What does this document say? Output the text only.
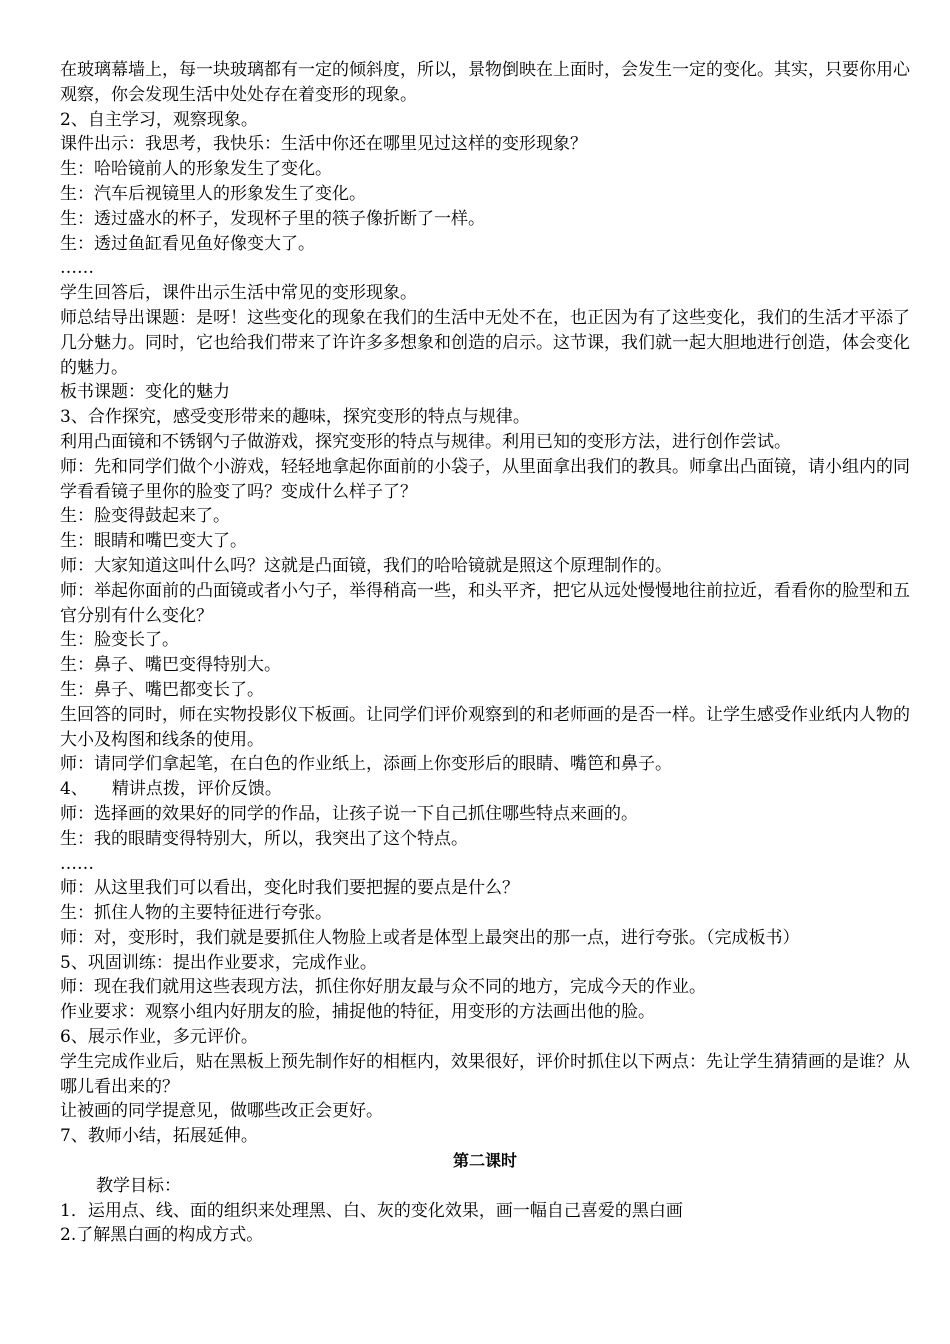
在玻璃幕墙上，每一块玻璃都有一定的倾斜度，所以，景物倒映在上面时，会发生一定的变化。其实，只要你用心观察，你会发现生活中处处存在着变形的现象。

2、自主学习，观察现象。

课件出示：我思考，我快乐：生活中你还在哪里见过这样的变形现象？

生：哈哈镜前人的形象发生了变化。

生：汽车后视镜里人的形象发生了变化。

生：透过盛水的杯子，发现杯子里的筷子像折断了一样。

生：透过鱼缸看见鱼好像变大了。

……

学生回答后，课件出示生活中常见的变形现象。

师总结导出课题：是呀！这些变化的现象在我们的生活中无处不在，也正因为有了这些变化，我们的生活才平添了几分魅力。同时，它也给我们带来了许许多多想象和创造的启示。这节课，我们就一起大胆地进行创造，体会变化的魅力。

板书课题：变化的魅力

3、合作探究，感受变形带来的趣味，探究变形的特点与规律。

利用凸面镜和不锈钢勺子做游戏，探究变形的特点与规律。利用已知的变形方法，进行创作尝试。

师：先和同学们做个小游戏，轻轻地拿起你面前的小袋子，从里面拿出我们的教具。师拿出凸面镜，请小组内的同学看看镜子里你的脸变了吗？变成什么样子了？

生：脸变得鼓起来了。

生：眼睛和嘴巴变大了。

师：大家知道这叫什么吗？这就是凸面镜，我们的哈哈镜就是照这个原理制作的。

师：举起你面前的凸面镜或者小勺子，举得稍高一些，和头平齐，把它从远处慢慢地往前拉近，看看你的脸型和五官分别有什么变化？

生：脸变长了。

生：鼻子、嘴巴变得特别大。

生：鼻子、嘴巴都变长了。

生回答的同时，师在实物投影仪下板画。让同学们评价观察到的和老师画的是否一样。让学生感受作业纸内人物的大小及构图和线条的使用。

师：请同学们拿起笔，在白色的作业纸上，添画上你变形后的眼睛、嘴笆和鼻子。

4、 精讲点拨，评价反馈。

师：选择画的效果好的同学的作品，让孩子说一下自己抓住哪些特点来画的。

生：我的眼睛变得特别大，所以，我突出了这个特点。

……

师：从这里我们可以看出，变化时我们要把握的要点是什么？

生：抓住人物的主要特征进行夸张。

师：对，变形时，我们就是要抓住人物脸上或者是体型上最突出的那一点，进行夸张。（完成板书）

5、巩固训练：提出作业要求，完成作业。

师：现在我们就用这些表现方法，抓住你好朋友最与众不同的地方，完成今天的作业。

作业要求：观察小组内好朋友的脸，捕捉他的特征，用变形的方法画出他的脸。

6、展示作业，多元评价。

学生完成作业后，贴在黑板上预先制作好的相框内，效果很好，评价时抓住以下两点：先让学生猜猜画的是谁？从哪儿看出来的？

让被画的同学提意见，做哪些改正会更好。

7、教师小结，拓展延伸。

第二课时

教学目标：

1．运用点、线、面的组织来处理黑、白、灰的变化效果，画一幅自己喜爱的黑白画

2.了解黑白画的构成方式。
